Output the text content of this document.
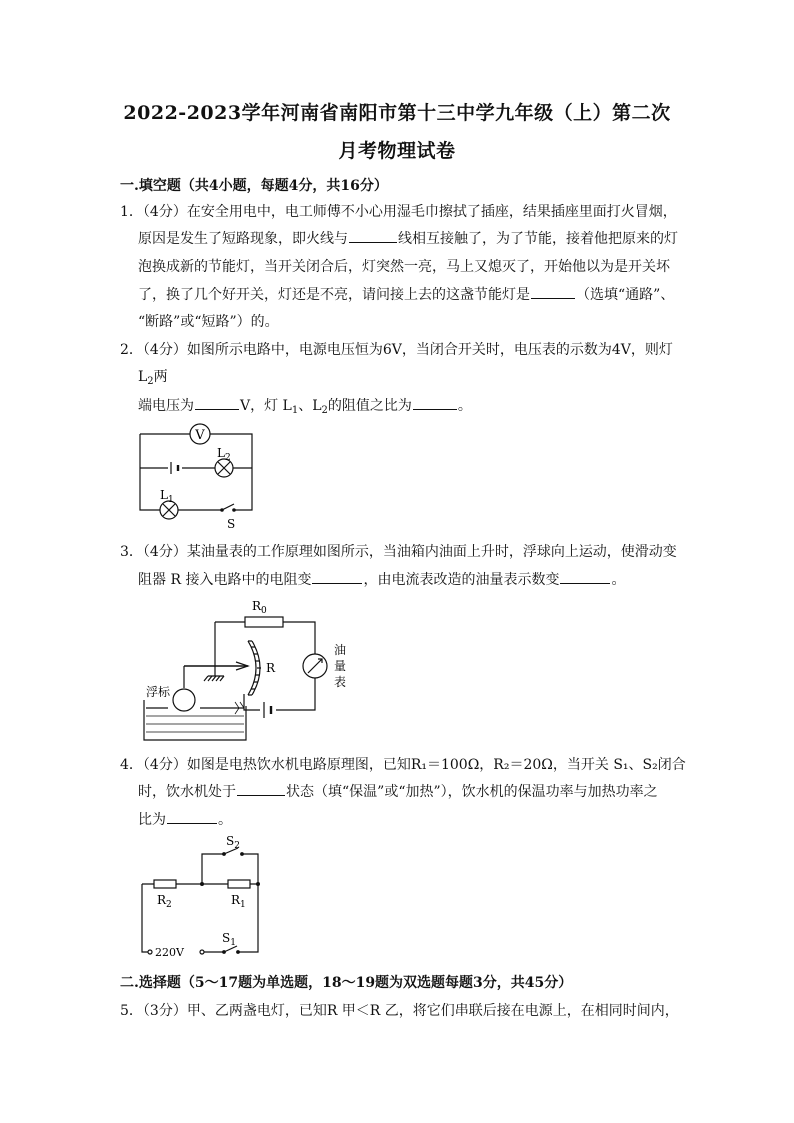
2022-2023学年河南省南阳市第十三中学九年级（上）第二次
月考物理试卷
一.填空题（共4小题，每题4分，共16分）
1．（4分）在安全用电中，电工师傅不小心用湿毛巾擦拭了插座，结果插座里面打火冒烟，
原因是发生了短路现象，即火线与	线相互接触了，为了节能，接着他把原来的灯
泡换成新的节能灯，当开关闭合后，灯突然一亮，马上又熄灭了，开始他以为是开关坏
了，换了几个好开关，灯还是不亮，请问接上去的这盏节能灯是	（选填“通路”、
“断路”或“短路”）的。
2．（4分）如图所示电路中，电源电压恒为6V，当闭合开关时，电压表的示数为4V，则灯
$L_2$两
端电压为	V，灯 $L_1$、$L_2$的阻值之比为	。
V
$L_2$
$L_1$
S
3．（4分）某油量表的工作原理如图所示，当油箱内油面上升时，浮球向上运动，使滑动变
阻器 R 接入电路中的电阻变	，由电流表改造的油量表示数变	。
$R_0$
R
浮标
油
量
表
4．（4分）如图是电热饮水机电路原理图，已知R₁＝100Ω，R₂＝20Ω，当开关 S₁、S₂闭合
时，饮水机处于	状态（填“保温”或“加热”），饮水机的保温功率与加热功率之
比为	。
$S_2$
$R_2$	$R_1$
220V
$S_1$
二.选择题（5～17题为单选题，18～19题为双选题每题3分，共45分）
5．（3分）甲、乙两盏电灯，已知R 甲＜R 乙，将它们串联后接在电源上，在相同时间内，
